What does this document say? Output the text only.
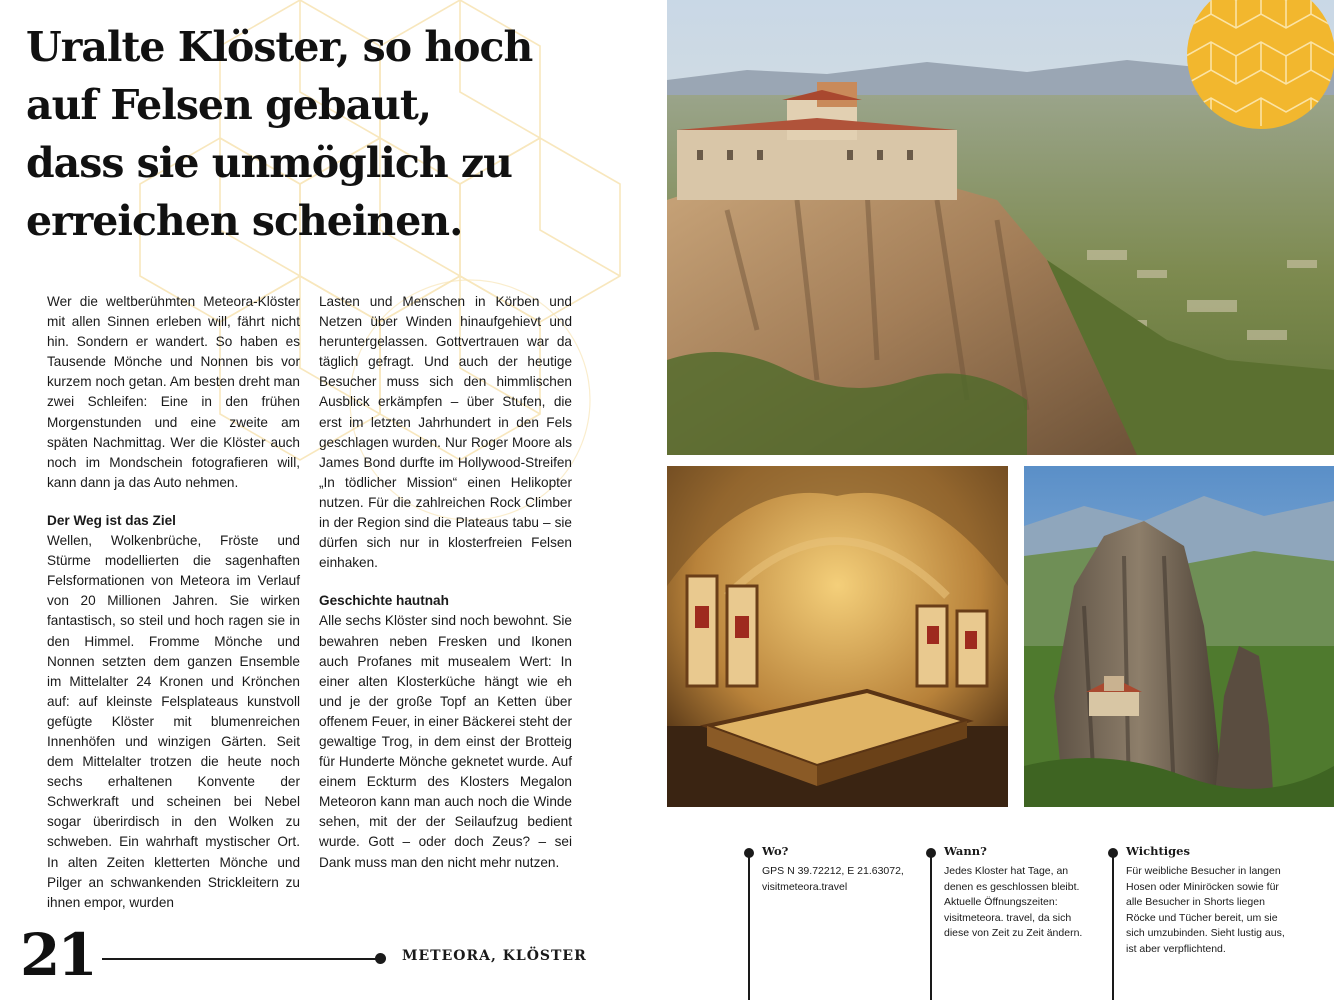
Uralte Klöster, so hoch
auf Felsen gebaut,
dass sie unmöglich zu
erreichen scheinen.

Wer die weltberühmten Meteora-Klöster mit allen Sinnen erleben will, fährt nicht hin. Sondern er wandert. So haben es Tausende Mönche und Nonnen bis vor kurzem noch getan. Am besten dreht man zwei Schleifen: Eine in den frühen Morgenstunden und eine zweite am späten Nachmittag. Wer die Klöster auch noch im Mondschein fotografieren will, kann dann ja das Auto nehmen.

Der Weg ist das Ziel

Wellen, Wolkenbrüche, Fröste und Stürme modellierten die sagenhaften Felsformationen von Meteora im Verlauf von 20 Millionen Jahren. Sie wirken fantastisch, so steil und hoch ragen sie in den Himmel. Fromme Mönche und Nonnen setzten dem ganzen Ensemble im Mittelalter 24 Kronen und Krönchen auf: auf kleinste Felsplateaus kunstvoll gefügte Klöster mit blumenreichen Innenhöfen und winzigen Gärten. Seit dem Mittelalter trotzen die heute noch sechs erhaltenen Konvente der Schwerkraft und scheinen bei Nebel sogar überirdisch in den Wolken zu schweben. Ein wahrhaft mystischer Ort. In alten Zeiten kletterten Mönche und Pilger an schwankenden Strickleitern zu ihnen empor, wurden

Lasten und Menschen in Körben und Netzen über Winden hinaufgehievt und heruntergelassen. Gottvertrauen war da täglich gefragt. Und auch der heutige Besucher muss sich den himmlischen Ausblick erkämpfen – über Stufen, die erst im letzten Jahrhundert in den Fels geschlagen wurden. Nur Roger Moore als James Bond durfte im Hollywood-Streifen „In tödlicher Mission“ einen Helikopter nutzen. Für die zahlreichen Rock Climber in der Region sind die Plateaus tabu – sie dürfen sich nur in klosterfreien Felsen einhaken.

Geschichte hautnah

Alle sechs Klöster sind noch bewohnt. Sie bewahren neben Fresken und Ikonen auch Profanes mit musealem Wert: In einer alten Klosterküche hängt wie eh und je der große Topf an Ketten über offenem Feuer, in einer Bäckerei steht der gewaltige Trog, in dem einst der Brotteig für Hunderte Mönche geknetet wurde. Auf einem Eckturm des Klosters Megalon Meteoron kann man auch noch die Winde sehen, mit der der Seilaufzug bedient wurde. Gott – oder doch Zeus? – sei Dank muss man den nicht mehr nutzen.

Wo?

GPS N 39.72212, E 21.63072, visitmeteora.travel

Wann?

Jedes Kloster hat Tage, an denen es geschlossen bleibt. Aktuelle Öffnungszeiten: visitmeteora. travel, da sich diese von Zeit zu Zeit ändern.

Wichtiges

Für weibliche Besucher in langen Hosen oder Miniröcken sowie für alle Besucher in Shorts liegen Röcke und Tücher bereit, um sie sich umzubinden. Sieht lustig aus, ist aber verpflichtend.

21	METEORA, KLÖSTER
